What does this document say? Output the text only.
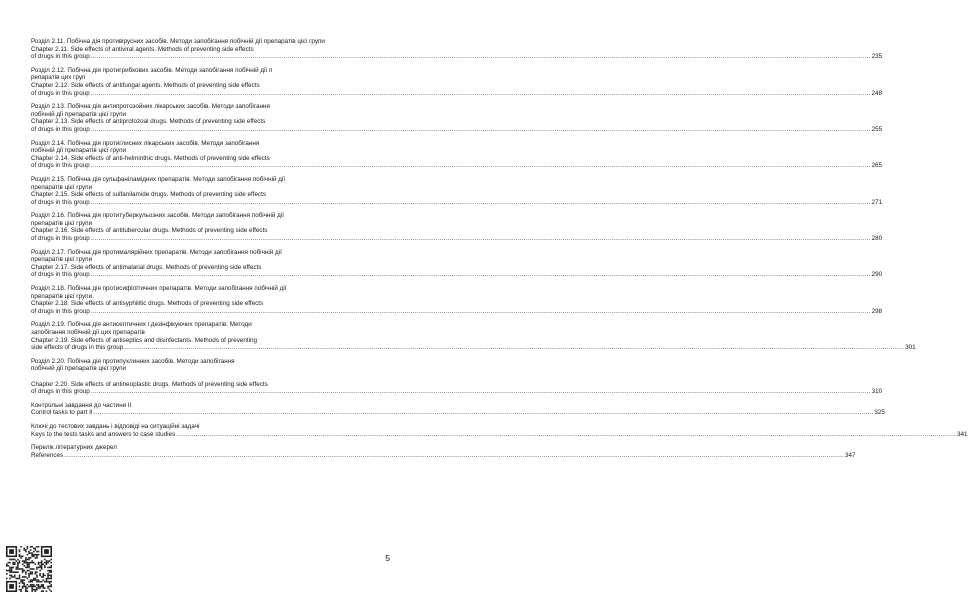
Розділ 2.11. Побічна дія противірусних засобів. Методи запобігання побічній дії препаратів цієї групи
Chapter 2.11. Side effects of antiviral agents. Methods of preventing side effects
of drugs in this group ................................................................................................................................................................................................................................................................................................................................................................................................................ 235
Розділ 2.12. Побічна дія протигрибкових засобів. Методи запобігання побічній дії п
репаратів цих груп
Chapter 2.12. Side effects of antifungal agents. Methods of preventing side effects
of drugs in this group ................................................................................................................................................................................................................................................................................................................................................................................................................ 248
Розділ 2.13. Побічна дія антипротозойних лікарських засобів. Методи запобігання
побічній дії препаратів цієї групи
Chapter 2.13. Side effects of antiprotozoal drugs. Methods of preventing side effects
of drugs in this group ................................................................................................................................................................................................................................................................................................................................................................................................................ 255
Розділ 2.14. Побічна дія протиглисних лікарських засобів. Методи запобігання
побічній дії препаратів цієї групи
Chapter 2.14. Side effects of anti-helminthic drugs. Methods of preventing side effects
of drugs in this group ................................................................................................................................................................................................................................................................................................................................................................................................................ 265
Розділ 2.15. Побічна дія сульфаніламідних препаратів. Методи запобігання побічній дії
препаратів цієї групи
Chapter 2.15. Side effects of sulfanilamide drugs. Methods of preventing side effects
of drugs in this group ................................................................................................................................................................................................................................................................................................................................................................................................................ 271
Розділ 2.16. Побічна дія протитуберкульозних засобів. Методи запобігання побічній дії
препаратів цієї групи
Chapter 2.16. Side effects of antitubercular drugs. Methods of preventing side effects
of drugs in this group ................................................................................................................................................................................................................................................................................................................................................................................................................ 280
Розділ 2.17. Побічна дія протималярійних препаратів. Методи запобігання побічній дії
препаратів цієї групи
Chapter 2.17. Side effects of antimalarial drugs. Methods of preventing side effects
of drugs in this group ................................................................................................................................................................................................................................................................................................................................................................................................................ 290
Розділ 2.18. Побічна дія протисифілітичних препаратів. Методи запобігання побічній дії
препаратів цієї групи.
Chapter 2.18. Side effects of antisyphilitic drugs. Methods of preventing side effects
of drugs in this group ................................................................................................................................................................................................................................................................................................................................................................................................................ 298
Розділ 2.19. Побічна дія антисептичних і дезінфікуючих препаратів. Методи
запобігання побічній дії цих препаратів
Chapter 2.19. Side effects of antiseptics and disinfectants. Methods of preventing
side effects of drugs in this group ................................................................................................................................................................................................................................................................................................................................................................................................................ 301
Розділ 2.20. Побічна дія протипухлинних засобів. Методи запобігання
побічній дії препаратів цієї групи
Chapter 2.20. Side effects of antineoplastic drugs. Methods of preventing side effects
of drugs in this group ................................................................................................................................................................................................................................................................................................................................................................................................................ 310
Контрольні завдання до частини II
Control tasks to part II ................................................................................................................................................................................................................................................................................................................................................................................................................ 325
Ключі до тестових завдань і відповіді на ситуаційні задачі
Keys to the tests tasks and answers to case studies ................................................................................................................................................................................................................................................................................................................................................................................................................ 341
Перелік літературних джерел
References ................................................................................................................................................................................................................................................................................................................................................................................................................ 347
5
